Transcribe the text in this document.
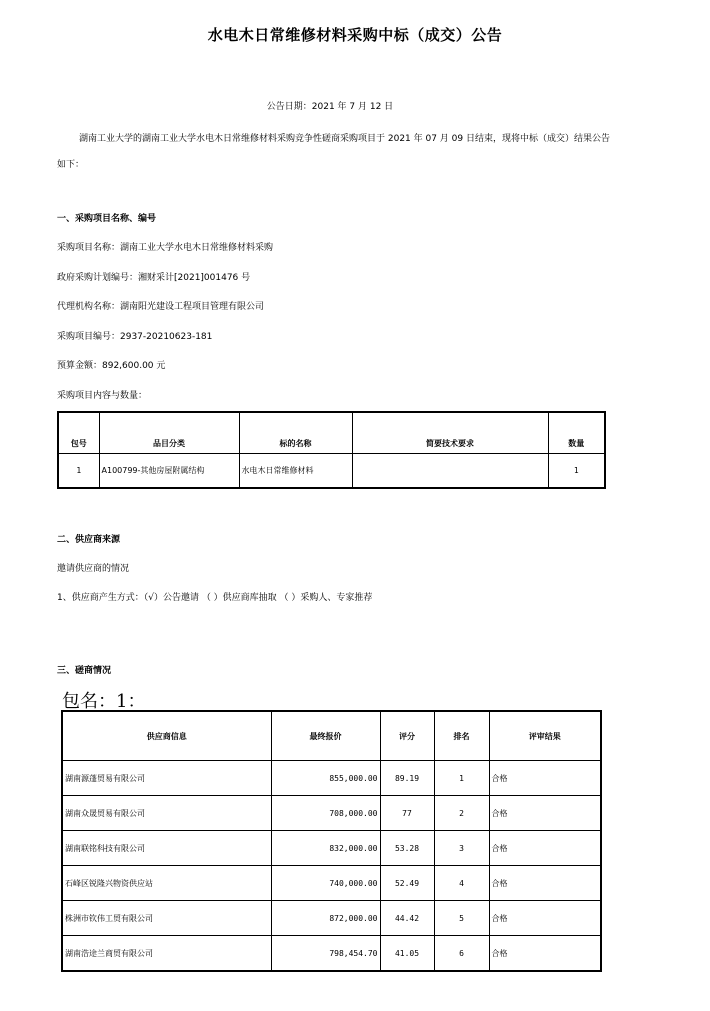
水电木日常维修材料采购中标（成交）公告
公告日期：2021 年 7 月 12 日
湖南工业大学的湖南工业大学水电木日常维修材料采购竞争性磋商采购项目于 2021 年 07 月 09 日结束，现将中标（成交）结果公告如下：
一、采购项目名称、编号
采购项目名称：湖南工业大学水电木日常维修材料采购
政府采购计划编号：湘财采计[2021]001476 号
代理机构名称：湖南阳光建设工程项目管理有限公司
采购项目编号：2937-20210623-181
预算金额：892,600.00 元
采购项目内容与数量：
包号	品目分类	标的名称	简要技术要求	数量
1	A100799-其他房屋附属结构	水电木日常维修材料		1
二、供应商来源
邀请供应商的情况
1、供应商产生方式：（√）公告邀请 （ ）供应商库抽取 （ ）采购人、专家推荐
三、磋商情况
包名：1：
供应商信息	最终报价	评分	排名	评审结果
湖南源蓬贸易有限公司	855,000.00	89.19	1	合格
湖南众晟贸易有限公司	708,000.00	77	2	合格
湖南联铭科技有限公司	832,000.00	53.28	3	合格
石峰区锐隆兴物资供应站	740,000.00	52.49	4	合格
株洲市钦伟工贸有限公司	872,000.00	44.42	5	合格
湖南浩途兰商贸有限公司	798,454.70	41.05	6	合格
